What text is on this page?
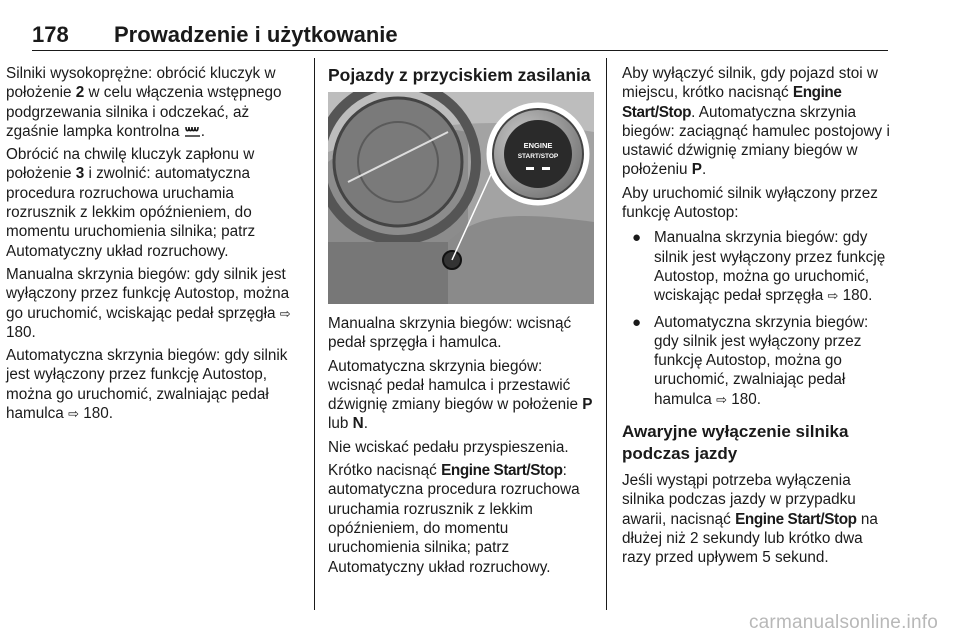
178 Prowadzenie i użytkowanie

Silniki wysokoprężne: obrócić kluczyk w położenie 2 w celu włączenia wstępnego podgrzewania silnika i odczekać, aż zgaśnie lampka kontrolna .

Obrócić na chwilę kluczyk zapłonu w położenie 3 i zwolnić: automatyczna procedura rozruchowa uruchamia rozrusznik z lekkim opóźnieniem, do momentu uruchomienia silnika; patrz Automatyczny układ rozruchowy.

Manualna skrzynia biegów: gdy silnik jest wyłączony przez funkcję Autostop, można go uruchomić, wciskając pedał sprzęgła ⇨ 180.

Automatyczna skrzynia biegów: gdy silnik jest wyłączony przez funkcję Autostop, można go uruchomić, zwalniając pedał hamulca ⇨ 180.

Pojazdy z przyciskiem zasilania
ENGINE
START/STOP

Manualna skrzynia biegów: wcisnąć pedał sprzęgła i hamulca.

Automatyczna skrzynia biegów: wcisnąć pedał hamulca i przestawić dźwignię zmiany biegów w położenie P lub N.

Nie wciskać pedału przyspieszenia.

Krótko nacisnąć Engine Start/Stop: automatyczna procedura rozruchowa uruchamia rozrusznik z lekkim opóźnieniem, do momentu uruchomienia silnika; patrz Automatyczny układ rozruchowy.

Aby wyłączyć silnik, gdy pojazd stoi w miejscu, krótko nacisnąć Engine Start/Stop. Automatyczna skrzynia biegów: zaciągnąć hamulec postojowy i ustawić dźwignię zmiany biegów w położeniu P.

Aby uruchomić silnik wyłączony przez funkcję Autostop:

● Manualna skrzynia biegów: gdy silnik jest wyłączony przez funkcję Autostop, można go uruchomić, wciskając pedał sprzęgła ⇨ 180.
● Automatyczna skrzynia biegów: gdy silnik jest wyłączony przez funkcję Autostop, można go uruchomić, zwalniając pedał hamulca ⇨ 180.
Awaryjne wyłączenie silnika podczas jazdy

Jeśli wystąpi potrzeba wyłączenia silnika podczas jazdy w przypadku awarii, nacisnąć Engine Start/Stop na dłużej niż 2 sekundy lub krótko dwa razy przed upływem 5 sekund.

carmanualsonline.info
